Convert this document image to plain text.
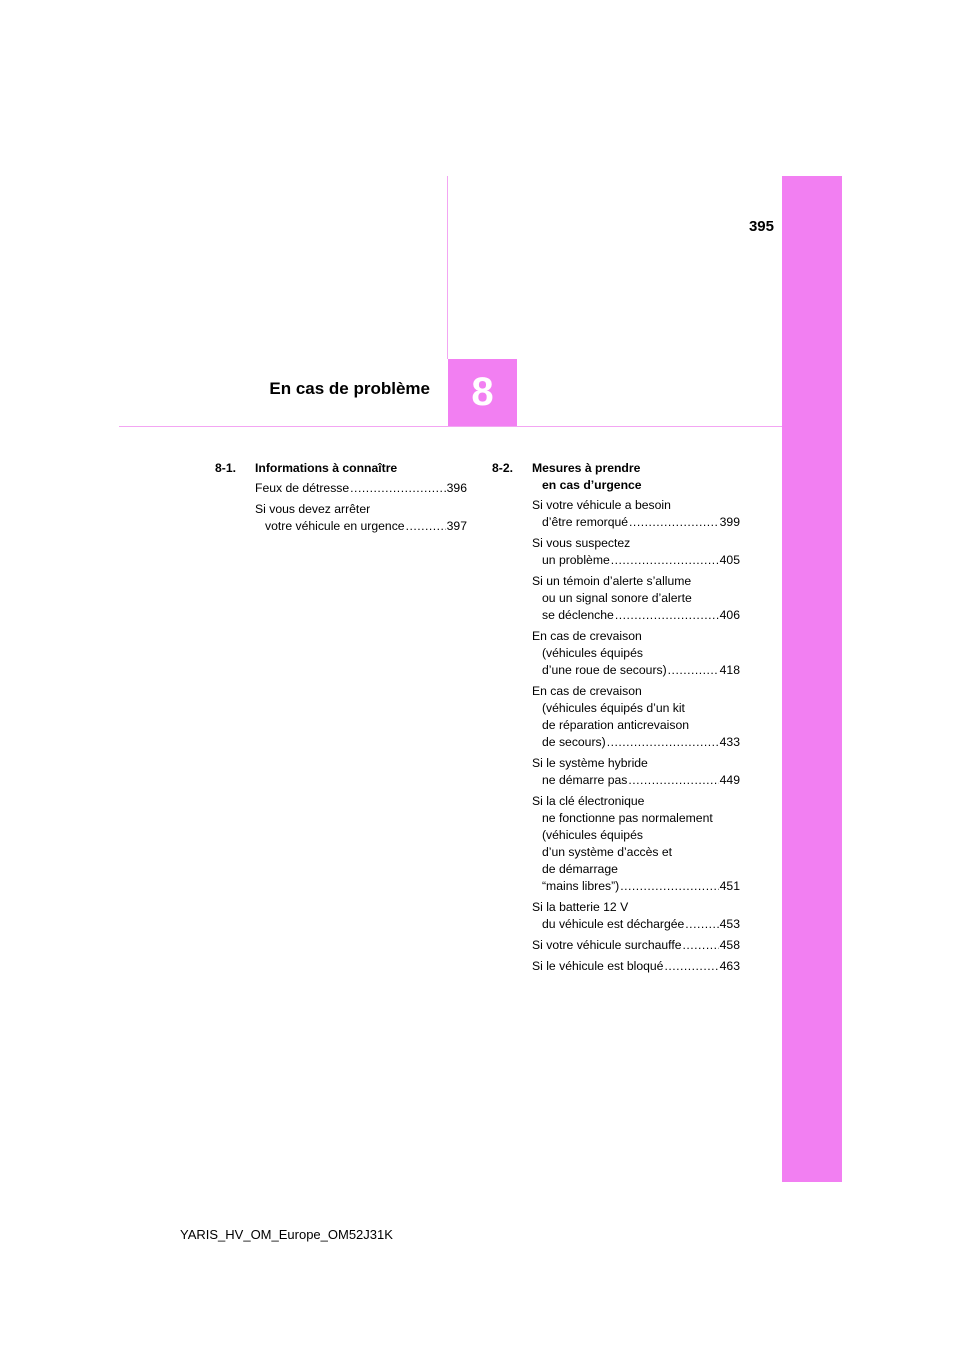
395
8
En cas de problème
8-1.	Informations à connaître
Feux de détresse .....	396
Si vous devez arrêter
votre véhicule en urgence .....	397
8-2.	Mesures à prendre
en cas d’urgence
Si votre véhicule a besoin
d’être remorqué .....	399
Si vous suspectez
un problème .....	405
Si un témoin d’alerte s’allume
ou un signal sonore d’alerte
se déclenche .....	406
En cas de crevaison
(véhicules équipés
d’une roue de secours) .....	418
En cas de crevaison
(véhicules équipés d’un kit
de réparation anticrevaison
de secours) .....	433
Si le système hybride
ne démarre pas .....	449
Si la clé électronique
ne fonctionne pas normalement
(véhicules équipés
d’un système d’accès et
de démarrage
“mains libres”) .....	451
Si la batterie 12 V
du véhicule est déchargée .....	453
Si votre véhicule surchauffe .....	458
Si le véhicule est bloqué .....	463
YARIS_HV_OM_Europe_OM52J31K
